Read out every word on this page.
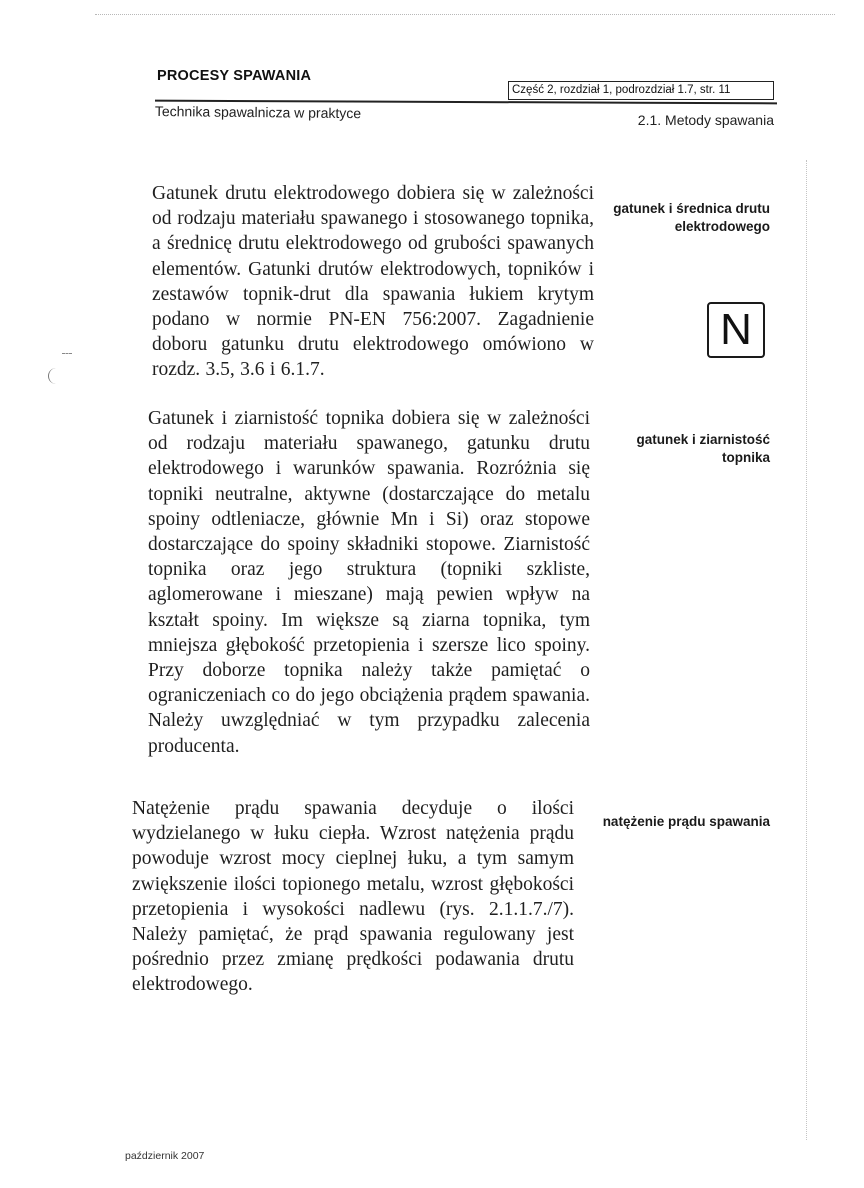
PROCESY SPAWANIA
Część 2, rozdział 1, podrozdział 1.7, str. 11
Technika spawalnicza w praktyce	2.1. Metody spawania

Gatunek drutu elektrodowego dobiera się w zależności od rodzaju materiału spawanego i stosowanego topnika, a średnicę drutu elektrodowego od grubości spawanych elementów. Gatunki drutów elektrodowych, topników i zestawów topnik-drut dla spawania łukiem krytym podano w normie PN-EN 756:2007. Zagadnienie doboru gatunku drutu elektrodowego omówiono w rozdz. 3.5, 3.6 i 6.1.7.

Gatunek i ziarnistość topnika dobiera się w zależności od rodzaju materiału spawanego, gatunku drutu elektrodowego i warunków spawania. Rozróżnia się topniki neutralne, aktywne (dostarczające do metalu spoiny odtleniacze, głównie Mn i Si) oraz stopowe dostarczające do spoiny składniki stopowe. Ziarnistość topnika oraz jego struktura (topniki szkliste, aglomerowane i mieszane) mają pewien wpływ na kształt spoiny. Im większe są ziarna topnika, tym mniejsza głębokość przetopienia i szersze lico spoiny. Przy doborze topnika należy także pamiętać o ograniczeniach co do jego obciążenia prądem spawania. Należy uwzględniać w tym przypadku zalecenia producenta.

Natężenie prądu spawania decyduje o ilości wydzielanego w łuku ciepła. Wzrost natężenia prądu powoduje wzrost mocy cieplnej łuku, a tym samym zwiększenie ilości topionego metalu, wzrost głębokości przetopienia i wysokości nadlewu (rys. 2.1.1.7./7). Należy pamiętać, że prąd spawania regulowany jest pośrednio przez zmianę prędkości podawania drutu elektrodowego.

gatunek i średnica drutu elektrodowego
N
gatunek i ziarnistość topnika
natężenie prądu spawania
październik 2007
